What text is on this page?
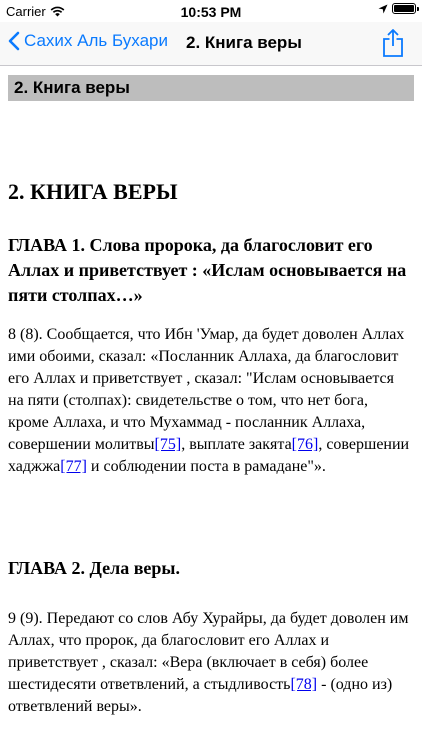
Carrier	10:53 PM
Сахих Аль Бухари 2. Книга веры
2. Книга веры
2. КНИГА ВЕРЫ
ГЛАВА 1. Слова пророка, да благословит его Аллах и приветствует : «Ислам основывается на пяти столпах…»

8 (8). Сообщается, что Ибн 'Умар, да будет доволен Аллах ими обоими, сказал: «Посланник Аллаха, да благословит его Аллах и приветствует , сказал: "Ислам основывается на пяти (столпах): свидетельстве о том, что нет бога, кроме Аллаха, и что Мухаммад - посланник Аллаха, совершении молитвы[75], выплате закята[76], совершении хаджжа[77] и соблюдении поста в рамадане"».

ГЛАВА 2. Дела веры.

9 (9). Передают со слов Абу Хурайры, да будет доволен им Аллах, что пророк, да благословит его Аллах и приветствует , сказал: «Вера (включает в себя) более шестидесяти ответвлений, а стыдливость[78] - (одно из) ответвлений веры».
